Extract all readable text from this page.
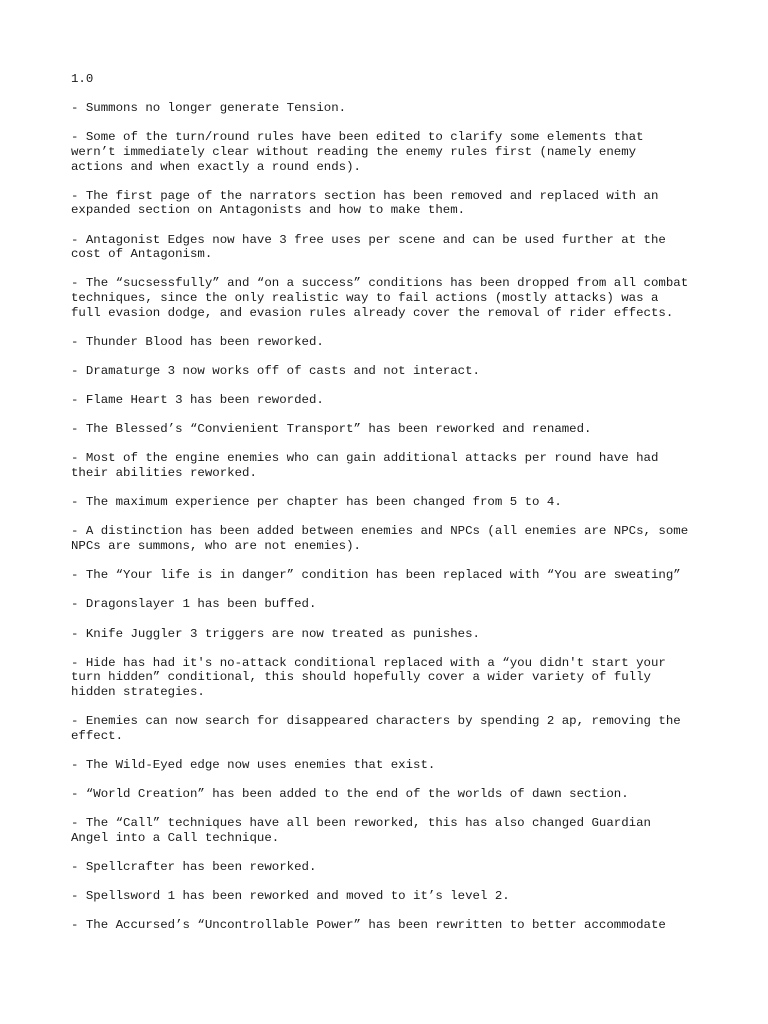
1.0
- Summons no longer generate Tension.
- Some of the turn/round rules have been edited to clarify some elements that
wern’t immediately clear without reading the enemy rules first (namely enemy
actions and when exactly a round ends).
- The first page of the narrators section has been removed and replaced with an
expanded section on Antagonists and how to make them.
- Antagonist Edges now have 3 free uses per scene and can be used further at the
cost of Antagonism.
- The “sucsessfully” and “on a success” conditions has been dropped from all combat
techniques, since the only realistic way to fail actions (mostly attacks) was a
full evasion dodge, and evasion rules already cover the removal of rider effects.
- Thunder Blood has been reworked.
- Dramaturge 3 now works off of casts and not interact.
- Flame Heart 3 has been reworded.
- The Blessed’s “Convienient Transport” has been reworked and renamed.
- Most of the engine enemies who can gain additional attacks per round have had
their abilities reworked.
- The maximum experience per chapter has been changed from 5 to 4.
- A distinction has been added between enemies and NPCs (all enemies are NPCs, some
NPCs are summons, who are not enemies).
- The “Your life is in danger” condition has been replaced with “You are sweating”
- Dragonslayer 1 has been buffed.
- Knife Juggler 3 triggers are now treated as punishes.
- Hide has had it's no-attack conditional replaced with a “you didn't start your
turn hidden” conditional, this should hopefully cover a wider variety of fully
hidden strategies.
- Enemies can now search for disappeared characters by spending 2 ap, removing the
effect.
- The Wild-Eyed edge now uses enemies that exist.
- “World Creation” has been added to the end of the worlds of dawn section.
- The “Call” techniques have all been reworked, this has also changed Guardian
Angel into a Call technique.
- Spellcrafter has been reworked.
- Spellsword 1 has been reworked and moved to it’s level 2.
- The Accursed’s “Uncontrollable Power” has been rewritten to better accommodate
